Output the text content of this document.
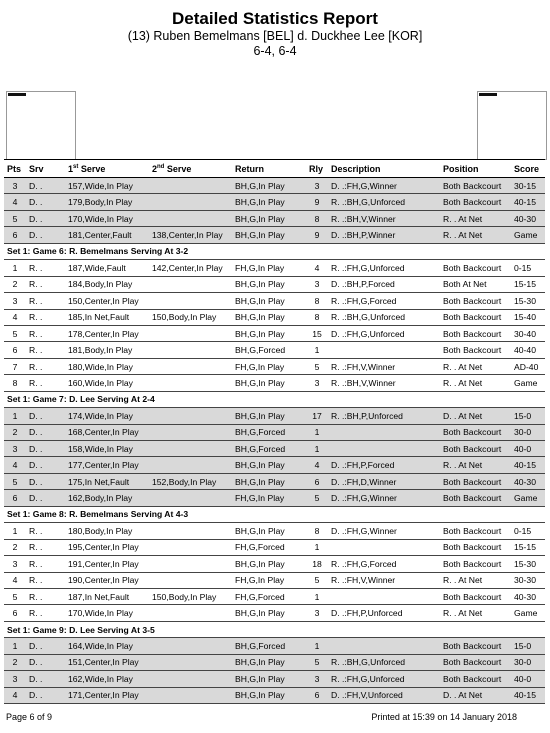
Detailed Statistics Report
(13) Ruben Bemelmans [BEL] d. Duckhee Lee [KOR]
6-4, 6-4
Pts	Srv	1st Serve	2nd Serve	Return	Rly	Description	Position	Score
3	D. .	157,Wide,In Play		BH,G,In Play	3	D. .:FH,G,Winner	Both Backcourt	30-15
4	D. .	179,Body,In Play		BH,G,In Play	9	R. .:BH,G,Unforced	Both Backcourt	40-15
5	D. .	170,Wide,In Play		BH,G,In Play	8	R. .:BH,V,Winner	R. . At Net	40-30
6	D. .	181,Center,Fault	138,Center,In Play	BH,G,In Play	9	D. .:BH,P,Winner	R. . At Net	Game
Set 1: Game 6: R. Bemelmans Serving At 3-2								
1	R. .	187,Wide,Fault	142,Center,In Play	FH,G,In Play	4	R. .:FH,G,Unforced	Both Backcourt	0-15
2	R. .	184,Body,In Play		BH,G,In Play	3	D. .:BH,P,Forced	Both At Net	15-15
3	R. .	150,Center,In Play		BH,G,In Play	8	R. .:FH,G,Forced	Both Backcourt	15-30
4	R. .	185,In Net,Fault	150,Body,In Play	BH,G,In Play	8	R. .:BH,G,Unforced	Both Backcourt	15-40
5	R. .	178,Center,In Play		BH,G,In Play	15	D. .:FH,G,Unforced	Both Backcourt	30-40
6	R. .	181,Body,In Play		BH,G,Forced	1		Both Backcourt	40-40
7	R. .	180,Wide,In Play		FH,G,In Play	5	R. .:FH,V,Winner	R. . At Net	AD-40
8	R. .	160,Wide,In Play		BH,G,In Play	3	R. .:BH,V,Winner	R. . At Net	Game
Set 1: Game 7: D. Lee Serving At 2-4								
1	D. .	174,Wide,In Play		BH,G,In Play	17	R. .:BH,P,Unforced	D. . At Net	15-0
2	D. .	168,Center,In Play		BH,G,Forced	1		Both Backcourt	30-0
3	D. .	158,Wide,In Play		BH,G,Forced	1		Both Backcourt	40-0
4	D. .	177,Center,In Play		BH,G,In Play	4	D. .:FH,P,Forced	R. . At Net	40-15
5	D. .	175,In Net,Fault	152,Body,In Play	BH,G,In Play	6	D. .:FH,D,Winner	Both Backcourt	40-30
6	D. .	162,Body,In Play		FH,G,In Play	5	D. .:FH,G,Winner	Both Backcourt	Game
Set 1: Game 8: R. Bemelmans Serving At 4-3								
1	R. .	180,Body,In Play		BH,G,In Play	8	D. .:FH,G,Winner	Both Backcourt	0-15
2	R. .	195,Center,In Play		FH,G,Forced	1		Both Backcourt	15-15
3	R. .	191,Center,In Play		BH,G,In Play	18	R. .:FH,G,Forced	Both Backcourt	15-30
4	R. .	190,Center,In Play		FH,G,In Play	5	R. .:FH,V,Winner	R. . At Net	30-30
5	R. .	187,In Net,Fault	150,Body,In Play	FH,G,Forced	1		Both Backcourt	40-30
6	R. .	170,Wide,In Play		BH,G,In Play	3	D. .:FH,P,Unforced	R. . At Net	Game
Set 1: Game 9: D. Lee Serving At 3-5								
1	D. .	164,Wide,In Play		BH,G,Forced	1		Both Backcourt	15-0
2	D. .	151,Center,In Play		BH,G,In Play	5	R. .:BH,G,Unforced	Both Backcourt	30-0
3	D. .	162,Wide,In Play		BH,G,In Play	3	R. .:FH,G,Unforced	Both Backcourt	40-0
4	D. .	171,Center,In Play		BH,G,In Play	6	D. .:FH,V,Unforced	D. . At Net	40-15
Page 6 of 9	Printed at 15:39 on 14 January 2018
